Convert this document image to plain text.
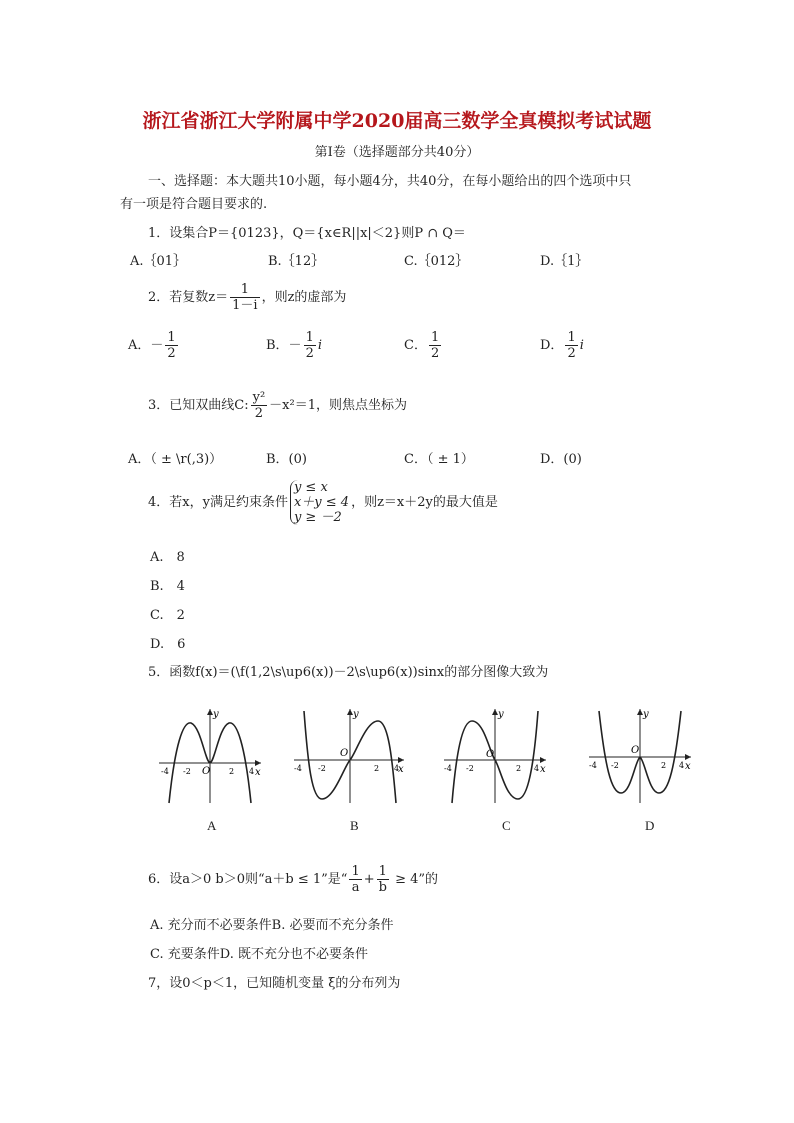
浙江省浙江大学附属中学2020届高三数学全真模拟考试试题
第Ⅰ卷（选择题部分共40分）
一、选择题：本大题共10小题，每小题4分，共40分，在每小题给出的四个选项中只
有一项是符合题目要求的.
1．设集合P＝{0123}，Q＝{x∈R||x|＜2}则P ∩ Q＝
A.｛01｝	B.｛12｝	C.｛012｝	D.｛1｝
2．若复数$z= \frac{1}{1-i}$ ，则z的虚部为
A．－ $\frac{1}{2}$	B．－ $\frac{1}{2}$ i	C． $\frac{1}{2}$	D． $\frac{1}{2}$ i
3．已知双曲线C: $\frac{\text{y²}}{2} -x^2=1$，则焦点坐标为
A．（ ± \r(,3)）	B．(0)	C．（ ± 1）	D．(0)
4．若x，y满足约束条件
y ≤ x
x＋y ≤ 4
y ≥ －2
，则z＝x＋2y的最大值是
A.　8
B.　4
C.　2
D.　6
5．函数f(x)＝(\f(1,2\s\up6(x))－2\s\up6(x))sinx的部分图像大致为
y
x
O
-4 -2	2 4
y
x
O
-4 -2	2 4
y
x
O
-4 -2	2 4
y
x
O
-4 -2	2 4
A	B	C	D
6．设a＞0 b＞0则“a＋b ≤ 1”是“ $\frac{1}{a} + \frac{1}{b} \ge 4$”的
A. 充分而不必要条件B. 必要而不充分条件
C. 充要条件D. 既不充分也不必要条件
7，设0＜p＜1，已知随机变量 ξ的分布列为
